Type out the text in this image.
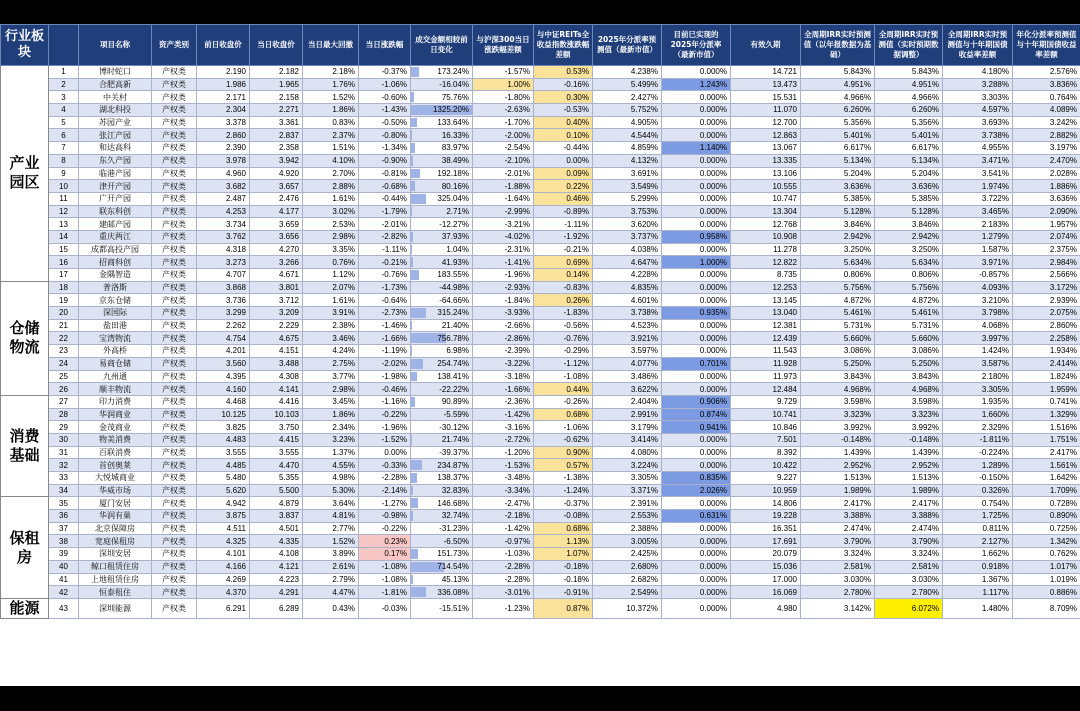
行业板块		项目名称	资产类别	前日收盘价	当日收盘价	当日最大回撤	当日涨跌幅	成交金额相较前日变化	与沪深300当日涨跌幅差额	与中证REITs全收益指数涨跌幅差额	2025年分派率预测值（最新市值）	目前已实现的2025年分派率（最新市值）	有效久期	全周期IRR实时预测值（以年报数据为基础）	全周期IRR实时预测值（实时预期数据调整）	全周期IRR实时预测值与十年期国债收益率差额	年化分派率预测值与十年期国债收益率差额
产业园区	1	博时蛇口	产权类	2.190	2.182	2.18%	-0.37%	173.24%	-1.57%	0.53%	4.238%	0.000%	14.721	5.843%	5.843%	4.180%	2.576%
	2	合肥高新	产权类	1.986	1.965	1.76%	-1.06%	-16.04%	1.00%	-0.16%	5.499%	1.243%	13.473	4.951%	4.951%	3.288%	3.836%
	3	中关村	产权类	2.171	2.158	1.52%	-0.60%	75.76%	-1.80%	0.30%	2.427%	0.000%	15.531	4.966%	4.966%	3.303%	0.764%
	4	湖北科投	产权类	2.304	2.271	1.86%	-1.43%	1325.20%	-2.63%	-0.53%	5.752%	0.000%	11.070	6.260%	6.260%	4.597%	4.089%
	5	苏园产业	产权类	3.378	3.361	0.83%	-0.50%	133.64%	-1.70%	0.40%	4.905%	0.000%	12.700	5.356%	5.356%	3.693%	3.242%
	6	张江产园	产权类	2.860	2.837	2.37%	-0.80%	16.33%	-2.00%	0.10%	4.544%	0.000%	12.863	5.401%	5.401%	3.738%	2.882%
	7	和达高科	产权类	2.390	2.358	1.51%	-1.34%	83.97%	-2.54%	-0.44%	4.859%	1.140%	13.067	6.617%	6.617%	4.955%	3.197%
	8	东久产园	产权类	3.978	3.942	4.10%	-0.90%	38.49%	-2.10%	0.00%	4.132%	0.000%	13.335	5.134%	5.134%	3.471%	2.470%
	9	临港产园	产权类	4.960	4.920	2.70%	-0.81%	192.18%	-2.01%	0.09%	3.691%	0.000%	13.106	5.204%	5.204%	3.541%	2.028%
	10	津开产园	产权类	3.682	3.657	2.88%	-0.68%	80.16%	-1.88%	0.22%	3.549%	0.000%	10.555	3.636%	3.636%	1.974%	1.886%
	11	广开产园	产权类	2.487	2.476	1.61%	-0.44%	325.04%	-1.64%	0.46%	5.299%	0.000%	10.747	5.385%	5.385%	3.722%	3.636%
	12	联东科创	产权类	4.253	4.177	3.02%	-1.79%	2.71%	-2.99%	-0.89%	3.753%	0.000%	13.304	5.128%	5.128%	3.465%	2.090%
	13	建邮产园	产权类	3.734	3.659	2.53%	-2.01%	-12.27%	-3.21%	-1.11%	3.620%	0.000%	12.768	3.846%	3.846%	2.183%	1.957%
	14	重庆两江	产权类	3.762	3.656	2.98%	-2.82%	37.93%	-4.02%	-1.92%	3.737%	0.958%	10.908	2.942%	2.942%	1.279%	2.074%
	15	成都高投产园	产权类	4.318	4.270	3.35%	-1.11%	1.04%	-2.31%	-0.21%	4.038%	0.000%	11.278	3.250%	3.250%	1.587%	2.375%
	16	招商科创	产权类	3.273	3.266	0.76%	-0.21%	41.93%	-1.41%	0.69%	4.647%	1.000%	12.822	5.634%	5.634%	3.971%	2.984%
	17	金隅智造	产权类	4.707	4.671	1.12%	-0.76%	183.55%	-1.96%	0.14%	4.228%	0.000%	8.735	0.806%	0.806%	-0.857%	2.566%
仓储物流	18	普洛斯	产权类	3.868	3.801	2.07%	-1.73%	-44.98%	-2.93%	-0.83%	4.835%	0.000%	12.253	5.756%	5.756%	4.093%	3.172%
	19	京东仓储	产权类	3.736	3.712	1.61%	-0.64%	-64.66%	-1.84%	0.26%	4.601%	0.000%	13.145	4.872%	4.872%	3.210%	2.939%
	20	深国际	产权类	3.299	3.209	3.91%	-2.73%	315.24%	-3.93%	-1.83%	3.738%	0.935%	13.040	5.461%	5.461%	3.798%	2.075%
	21	盐田港	产权类	2.262	2.229	2.38%	-1.46%	21.40%	-2.66%	-0.56%	4.523%	0.000%	12.381	5.731%	5.731%	4.068%	2.860%
	22	宝湾物流	产权类	4.754	4.675	3.46%	-1.66%	756.78%	-2.86%	-0.76%	3.921%	0.000%	12.439	5.660%	5.660%	3.997%	2.258%
	23	外高桥	产权类	4.201	4.151	4.24%	-1.19%	6.98%	-2.39%	-0.29%	3.597%	0.000%	11.543	3.086%	3.086%	1.424%	1.934%
	24	易商仓储	产权类	3.560	3.488	2.75%	-2.02%	254.74%	-3.22%	-1.12%	4.077%	0.701%	11.928	5.250%	5.250%	3.587%	2.414%
	25	九州通	产权类	4.395	4.308	3.77%	-1.98%	138.41%	-3.18%	-1.08%	3.486%	0.000%	11.973	3.843%	3.843%	2.180%	1.824%
	26	顺丰物流	产权类	4.160	4.141	2.98%	-0.46%	-22.22%	-1.66%	0.44%	3.622%	0.000%	12.484	4.968%	4.968%	3.305%	1.959%
消费基础	27	印力消费	产权类	4.468	4.416	3.45%	-1.16%	90.89%	-2.36%	-0.26%	2.404%	0.906%	9.729	3.598%	3.598%	1.935%	0.741%
	28	华润商业	产权类	10.125	10.103	1.86%	-0.22%	-5.59%	-1.42%	0.68%	2.991%	0.874%	10.741	3.323%	3.323%	1.660%	1.329%
	29	金茂商业	产权类	3.825	3.750	2.34%	-1.96%	-30.12%	-3.16%	-1.06%	3.179%	0.941%	10.846	3.992%	3.992%	2.329%	1.516%
	30	物美消费	产权类	4.483	4.415	3.23%	-1.52%	21.74%	-2.72%	-0.62%	3.414%	0.000%	7.501	-0.148%	-0.148%	-1.811%	1.751%
	31	百联消费	产权类	3.555	3.555	1.37%	0.00%	-39.37%	-1.20%	0.90%	4.080%	0.000%	8.392	1.439%	1.439%	-0.224%	2.417%
	32	首创奥莱	产权类	4.485	4.470	4.55%	-0.33%	234.87%	-1.53%	0.57%	3.224%	0.000%	10.422	2.952%	2.952%	1.289%	1.561%
	33	大悦城商业	产权类	5.480	5.355	4.98%	-2.28%	138.37%	-3.48%	-1.38%	3.305%	0.835%	9.227	1.513%	1.513%	-0.150%	1.642%
	34	华威市场	产权类	5.620	5.500	5.30%	-2.14%	32.83%	-3.34%	-1.24%	3.371%	2.026%	10.959	1.989%	1.989%	0.326%	1.709%
保租房	35	厦门安居	产权类	4.942	4.879	3.64%	-1.27%	146.68%	-2.47%	-0.37%	2.391%	0.000%	14.806	2.417%	2.417%	0.754%	0.728%
	36	华润有巢	产权类	3.875	3.837	4.81%	-0.98%	32.74%	-2.18%	-0.08%	2.553%	0.631%	19.228	3.388%	3.388%	1.725%	0.890%
	37	北京保障房	产权类	4.511	4.501	2.77%	-0.22%	-31.23%	-1.42%	0.68%	2.388%	0.000%	16.351	2.474%	2.474%	0.811%	0.725%
	38	宽庭保租房	产权类	4.325	4.335	1.52%	0.23%	-6.50%	-0.97%	1.13%	3.005%	0.000%	17.691	3.790%	3.790%	2.127%	1.342%
	39	深圳安居	产权类	4.101	4.108	3.89%	0.17%	151.73%	-1.03%	1.07%	2.425%	0.000%	20.079	3.324%	3.324%	1.662%	0.762%
	40	鲸口租赁住房	产权类	4.166	4.121	2.61%	-1.08%	714.54%	-2.28%	-0.18%	2.680%	0.000%	15.036	2.581%	2.581%	0.918%	1.017%
	41	上地租赁住房	产权类	4.269	4.223	2.79%	-1.08%	45.13%	-2.28%	-0.18%	2.682%	0.000%	17.000	3.030%	3.030%	1.367%	1.019%
	42	恒泰租住	产权类	4.370	4.291	4.47%	-1.81%	336.08%	-3.01%	-0.91%	2.549%	0.000%	16.069	2.780%	2.780%	1.117%	0.886%
能源	43	深圳能源	产权类	6.291	6.289	0.43%	-0.03%	-15.51%	-1.23%	0.87%	10.372%	0.000%	4.980	3.142%	6.072%	1.480%	8.709%
